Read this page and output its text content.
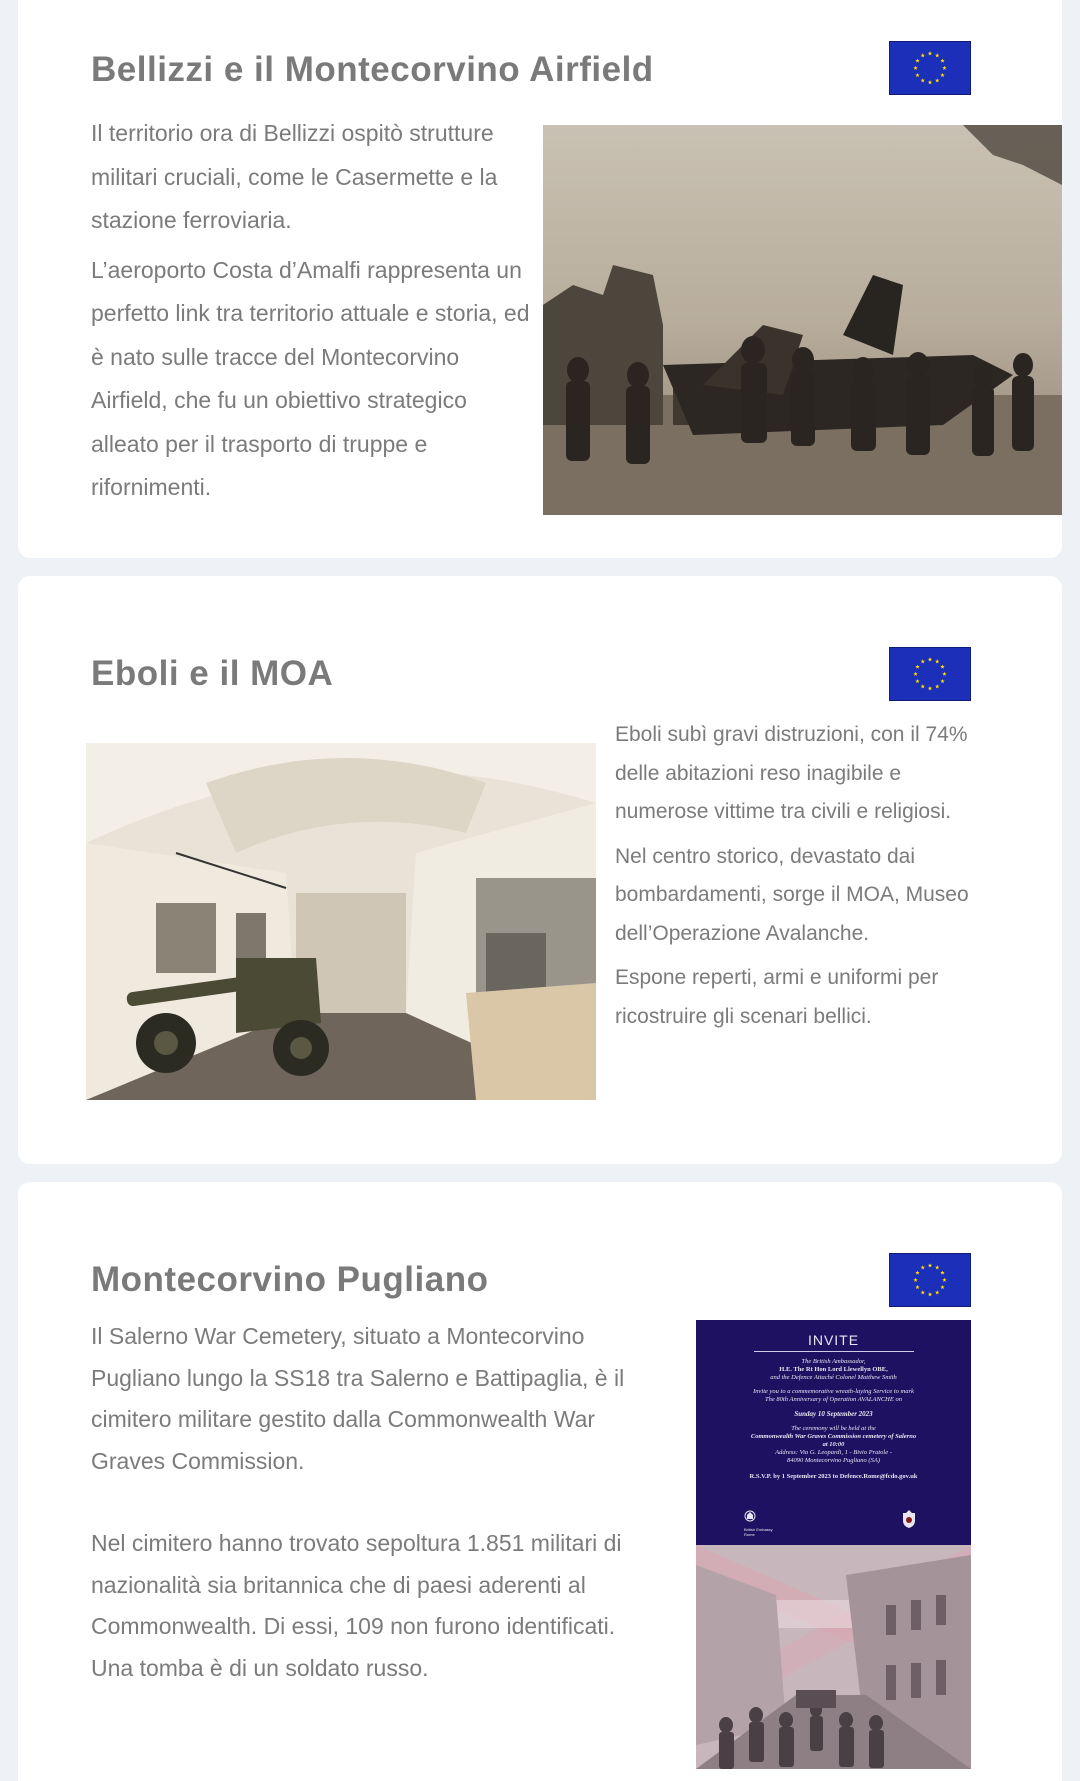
Bellizzi e il Montecorvino Airfield

Il territorio ora di Bellizzi ospitò strutture militari cruciali, come le Casermette e la stazione ferroviaria.

L’aeroporto Costa d’Amalfi rappresenta un perfetto link tra territorio attuale e storia, ed è nato sulle tracce del Montecorvino Airfield, che fu un obiettivo strategico alleato per il trasporto di truppe e rifornimenti.

Eboli e il MOA

Eboli subì gravi distruzioni, con il 74% delle abitazioni reso inagibile e numerose vittime tra civili e religiosi.

Nel centro storico, devastato dai bombardamenti, sorge il MOA, Museo dell’Operazione Avalanche.

Espone reperti, armi e uniformi per ricostruire gli scenari bellici.

Montecorvino Pugliano

Il Salerno War Cemetery, situato a Montecorvino Pugliano lungo la SS18 tra Salerno e Battipaglia, è il cimitero militare gestito dalla Commonwealth War Graves Commission.

Nel cimitero hanno trovato sepoltura 1.851 militari di nazionalità sia britannica che di paesi aderenti al Commonwealth. Di essi, 109 non furono identificati. Una tomba è di un soldato russo.

INVITE
The British Ambassador,
H.E. The Rt Hon Lord Llewellyn OBE,
and the Defence Attaché Colonel Matthew Smith
Invite you to a commemorative wreath-laying Service to mark
The 80th Anniversary of Operation AVALANCHE on
Sunday 10 September 2023
The ceremony will be held at the
Commonwealth War Graves Commission cemetery of Salerno
at 10:00
Address: Via G. Leopardi, 1 - Bivio Pratole -
84090 Montecorvino Pugliano (SA)
R.S.V.P. by 1 September 2023 to Defence.Rome@fcdo.gov.uk
British Embassy Rome
